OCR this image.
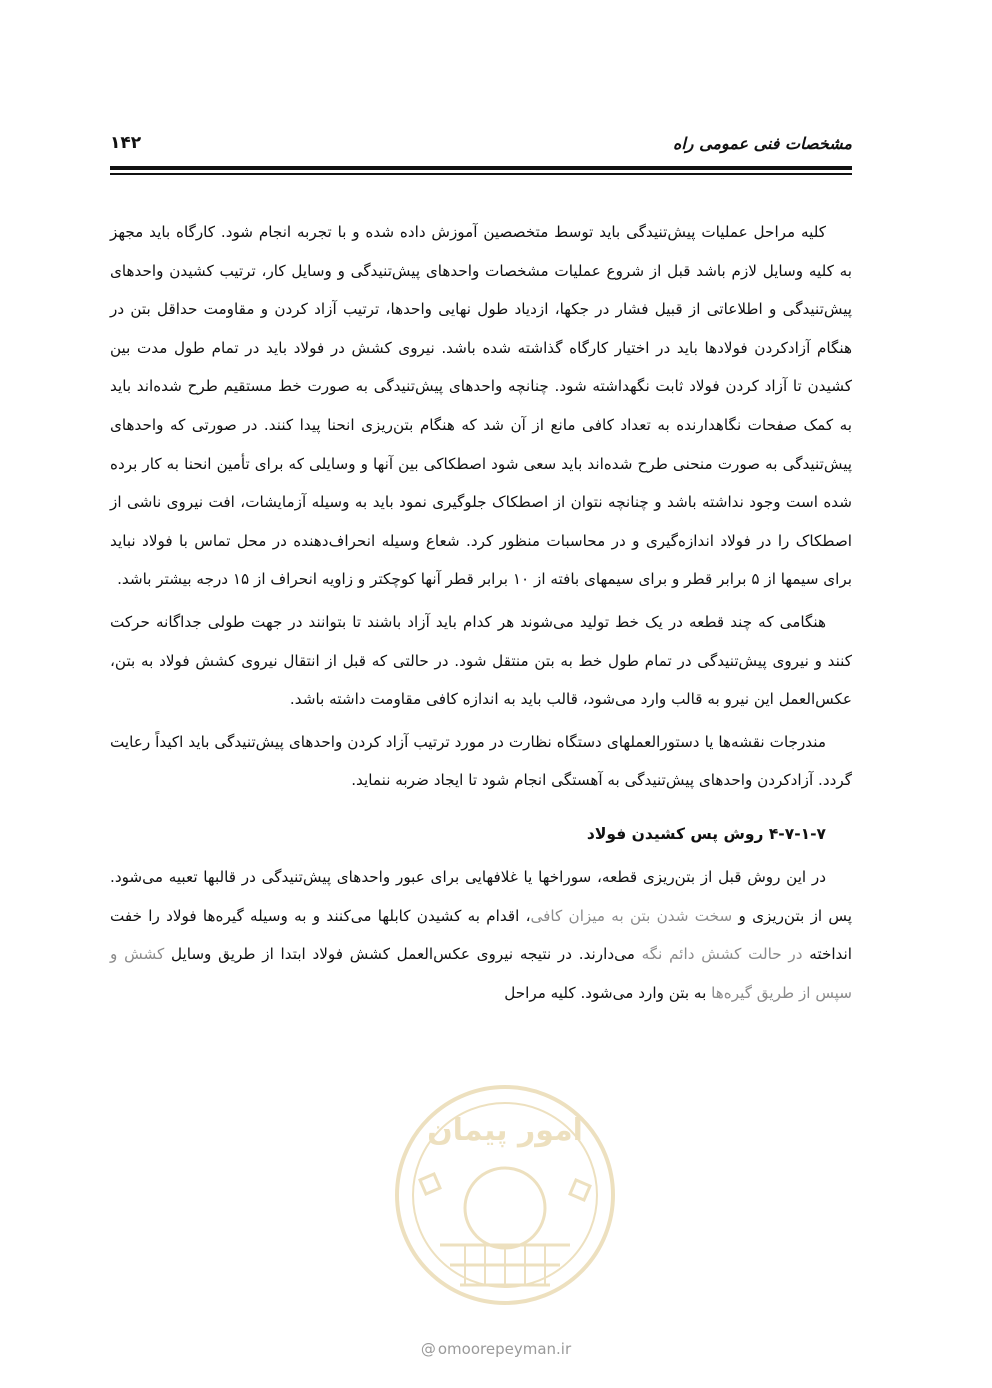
مشخصات فنی عمومی راه
۱۴۲

کلیه مراحل عملیات پیش‌تنیدگی باید توسط متخصصین آموزش داده شده و با تجربه انجام شود. کارگاه باید مجهز به کلیه وسایل لازم باشد قبل از شروع عملیات مشخصات واحدهای پیش‌تنیدگی و وسایل کار، ترتیب کشیدن واحدهای پیش‌تنیدگی و اطلاعاتی از قبیل فشار در جکها، ازدیاد طول نهایی واحدها، ترتیب آزاد کردن و مقاومت حداقل بتن در هنگام آزادکردن فولادها باید در اختیار کارگاه گذاشته شده باشد. نیروی کشش در فولاد باید در تمام طول مدت بین کشیدن تا آزاد کردن فولاد ثابت نگهداشته شود. چنانچه واحدهای پیش‌تنیدگی به صورت خط مستقیم طرح شده‌اند باید به کمک صفحات نگاهدارنده به تعداد کافی مانع از آن شد که هنگام بتن‌ریزی انحنا پیدا کنند. در صورتی که واحدهای پیش‌تنیدگی به صورت منحنی طرح شده‌اند باید سعی شود اصطکاکی بین آنها و وسایلی که برای تأمین انحنا به کار برده شده است وجود نداشته باشد و چنانچه نتوان از اصطکاک جلوگیری نمود باید به وسیله آزمایشات، افت نیروی ناشی از اصطکاک را در فولاد اندازه‌گیری و در محاسبات منظور کرد. شعاع وسیله انحراف‌دهنده در محل تماس با فولاد نباید برای سیمها از ۵ برابر قطر و برای سیمهای بافته از ۱۰ برابر قطر آنها کوچکتر و زاویه انحراف از ۱۵ درجه بیشتر باشد.

هنگامی که چند قطعه در یک خط تولید می‌شوند هر کدام باید آزاد باشند تا بتوانند در جهت طولی جداگانه حرکت کنند و نیروی پیش‌تنیدگی در تمام طول خط به بتن منتقل شود. در حالتی که قبل از انتقال نیروی کشش فولاد به بتن، عکس‌العمل این نیرو به قالب وارد می‌شود، قالب باید به اندازه کافی مقاومت داشته باشد.

مندرجات نقشه‌ها یا دستورالعملهای دستگاه نظارت در مورد ترتیب آزاد کردن واحدهای پیش‌تنیدگی باید اکیداً رعایت گردد. آزادکردن واحدهای پیش‌تنیدگی به آهستگی انجام شود تا ایجاد ضربه ننماید.

۴-۷-۱-۷ روش پس کشیدن فولاد

در این روش قبل از بتن‌ریزی قطعه، سوراخها یا غلافهایی برای عبور واحدهای پیش‌تنیدگی در قالبها تعبیه می‌شود. پس از بتن‌ریزی و سخت شدن بتن به میزان کافی، اقدام به کشیدن کابلها می‌کنند و به وسیله گیره‌ها فولاد را خفت انداخته در حالت کشش دائم نگه می‌دارند. در نتیجه نیروی عکس‌العمل کشش فولاد ابتدا از طریق وسایل کشش و سپس از طریق گیره‌ها به بتن وارد می‌شود. کلیه مراحل

امور پیمان
@ omoorepeyman.ir
